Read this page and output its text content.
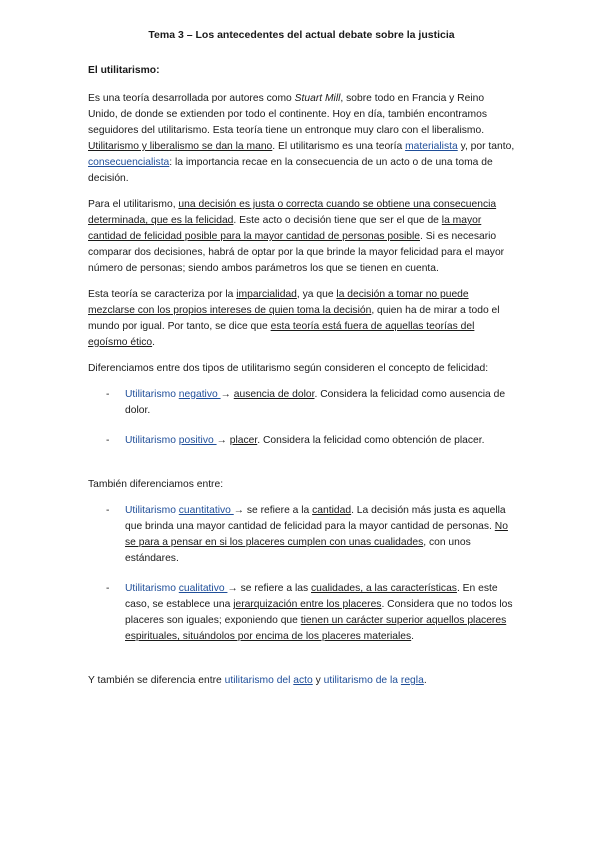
Tema 3 – Los antecedentes del actual debate sobre la justicia
El utilitarismo:

Es una teoría desarrollada por autores como Stuart Mill, sobre todo en Francia y Reino Unido, de donde se extienden por todo el continente. Hoy en día, también encontramos seguidores del utilitarismo. Esta teoría tiene un entronque muy claro con el liberalismo. Utilitarismo y liberalismo se dan la mano. El utilitarismo es una teoría materialista y, por tanto, consecuencialista: la importancia recae en la consecuencia de un acto o de una toma de decisión.

Para el utilitarismo, una decisión es justa o correcta cuando se obtiene una consecuencia determinada, que es la felicidad. Este acto o decisión tiene que ser el que de la mayor cantidad de felicidad posible para la mayor cantidad de personas posible. Si es necesario comparar dos decisiones, habrá de optar por la que brinde la mayor felicidad para el mayor número de personas; siendo ambos parámetros los que se tienen en cuenta.

Esta teoría se caracteriza por la imparcialidad, ya que la decisión a tomar no puede mezclarse con los propios intereses de quien toma la decisión, quien ha de mirar a todo el mundo por igual. Por tanto, se dice que esta teoría está fuera de aquellas teorías del egoísmo ético.

Diferenciamos entre dos tipos de utilitarismo según consideren el concepto de felicidad:

- Utilitarismo negativo → ausencia de dolor. Considera la felicidad como ausencia de dolor.
- Utilitarismo positivo → placer. Considera la felicidad como obtención de placer.

También diferenciamos entre:

- Utilitarismo cuantitativo → se refiere a la cantidad. La decisión más justa es aquella que brinda una mayor cantidad de felicidad para la mayor cantidad de personas. No se para a pensar en si los placeres cumplen con unas cualidades, con unos estándares.
- Utilitarismo cualitativo → se refiere a las cualidades, a las características. En este caso, se establece una jerarquización entre los placeres. Considera que no todos los placeres son iguales; exponiendo que tienen un carácter superior aquellos placeres espirituales, situándolos por encima de los placeres materiales.

Y también se diferencia entre utilitarismo del acto y utilitarismo de la regla.
